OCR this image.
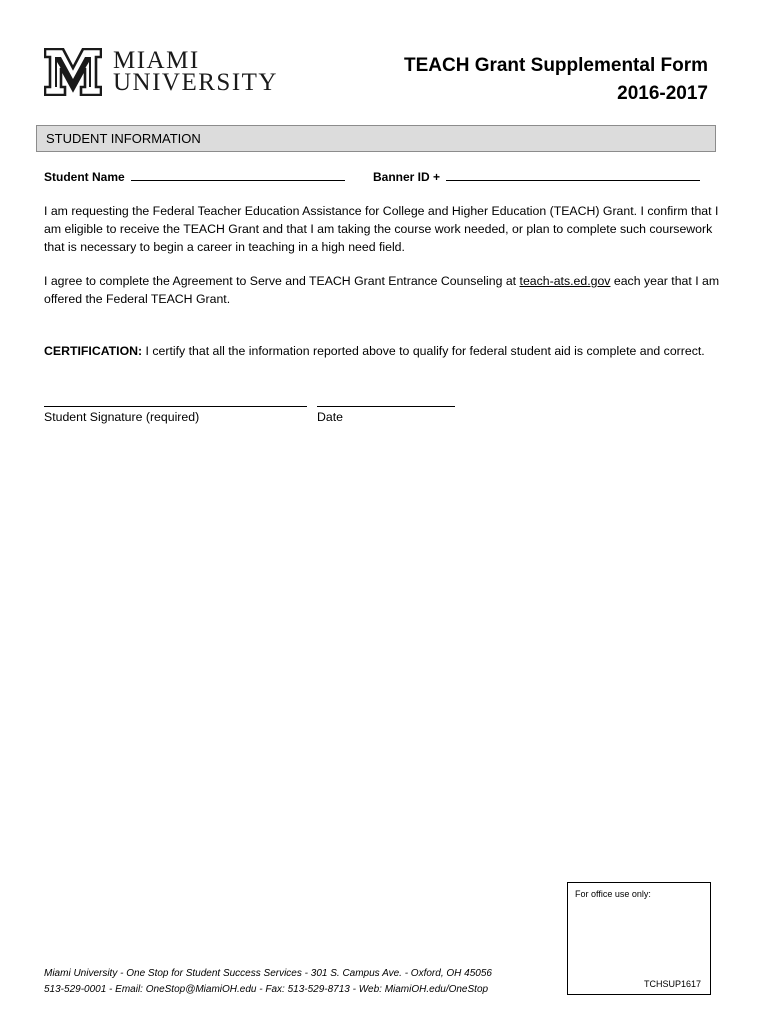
MIAMI
UNIVERSITY
TEACH Grant Supplemental Form
2016-2017
STUDENT INFORMATION
Student Name	Banner ID +
I am requesting the Federal Teacher Education Assistance for College and Higher Education (TEACH) Grant. I confirm that I am eligible to receive the TEACH Grant and that I am taking the course work needed, or plan to complete such coursework that is necessary to begin a career in teaching in a high need field.
I agree to complete the Agreement to Serve and TEACH Grant Entrance Counseling at teach-ats.ed.gov each year that I am offered the Federal TEACH Grant.
CERTIFICATION: I certify that all the information reported above to qualify for federal student aid is complete and correct.
Student Signature (required)	Date
For office use only:
TCHSUP1617
Miami University - One Stop for Student Success Services - 301 S. Campus Ave. - Oxford, OH 45056
513-529-0001 - Email: OneStop@MiamiOH.edu - Fax: 513-529-8713 - Web: MiamiOH.edu/OneStop
